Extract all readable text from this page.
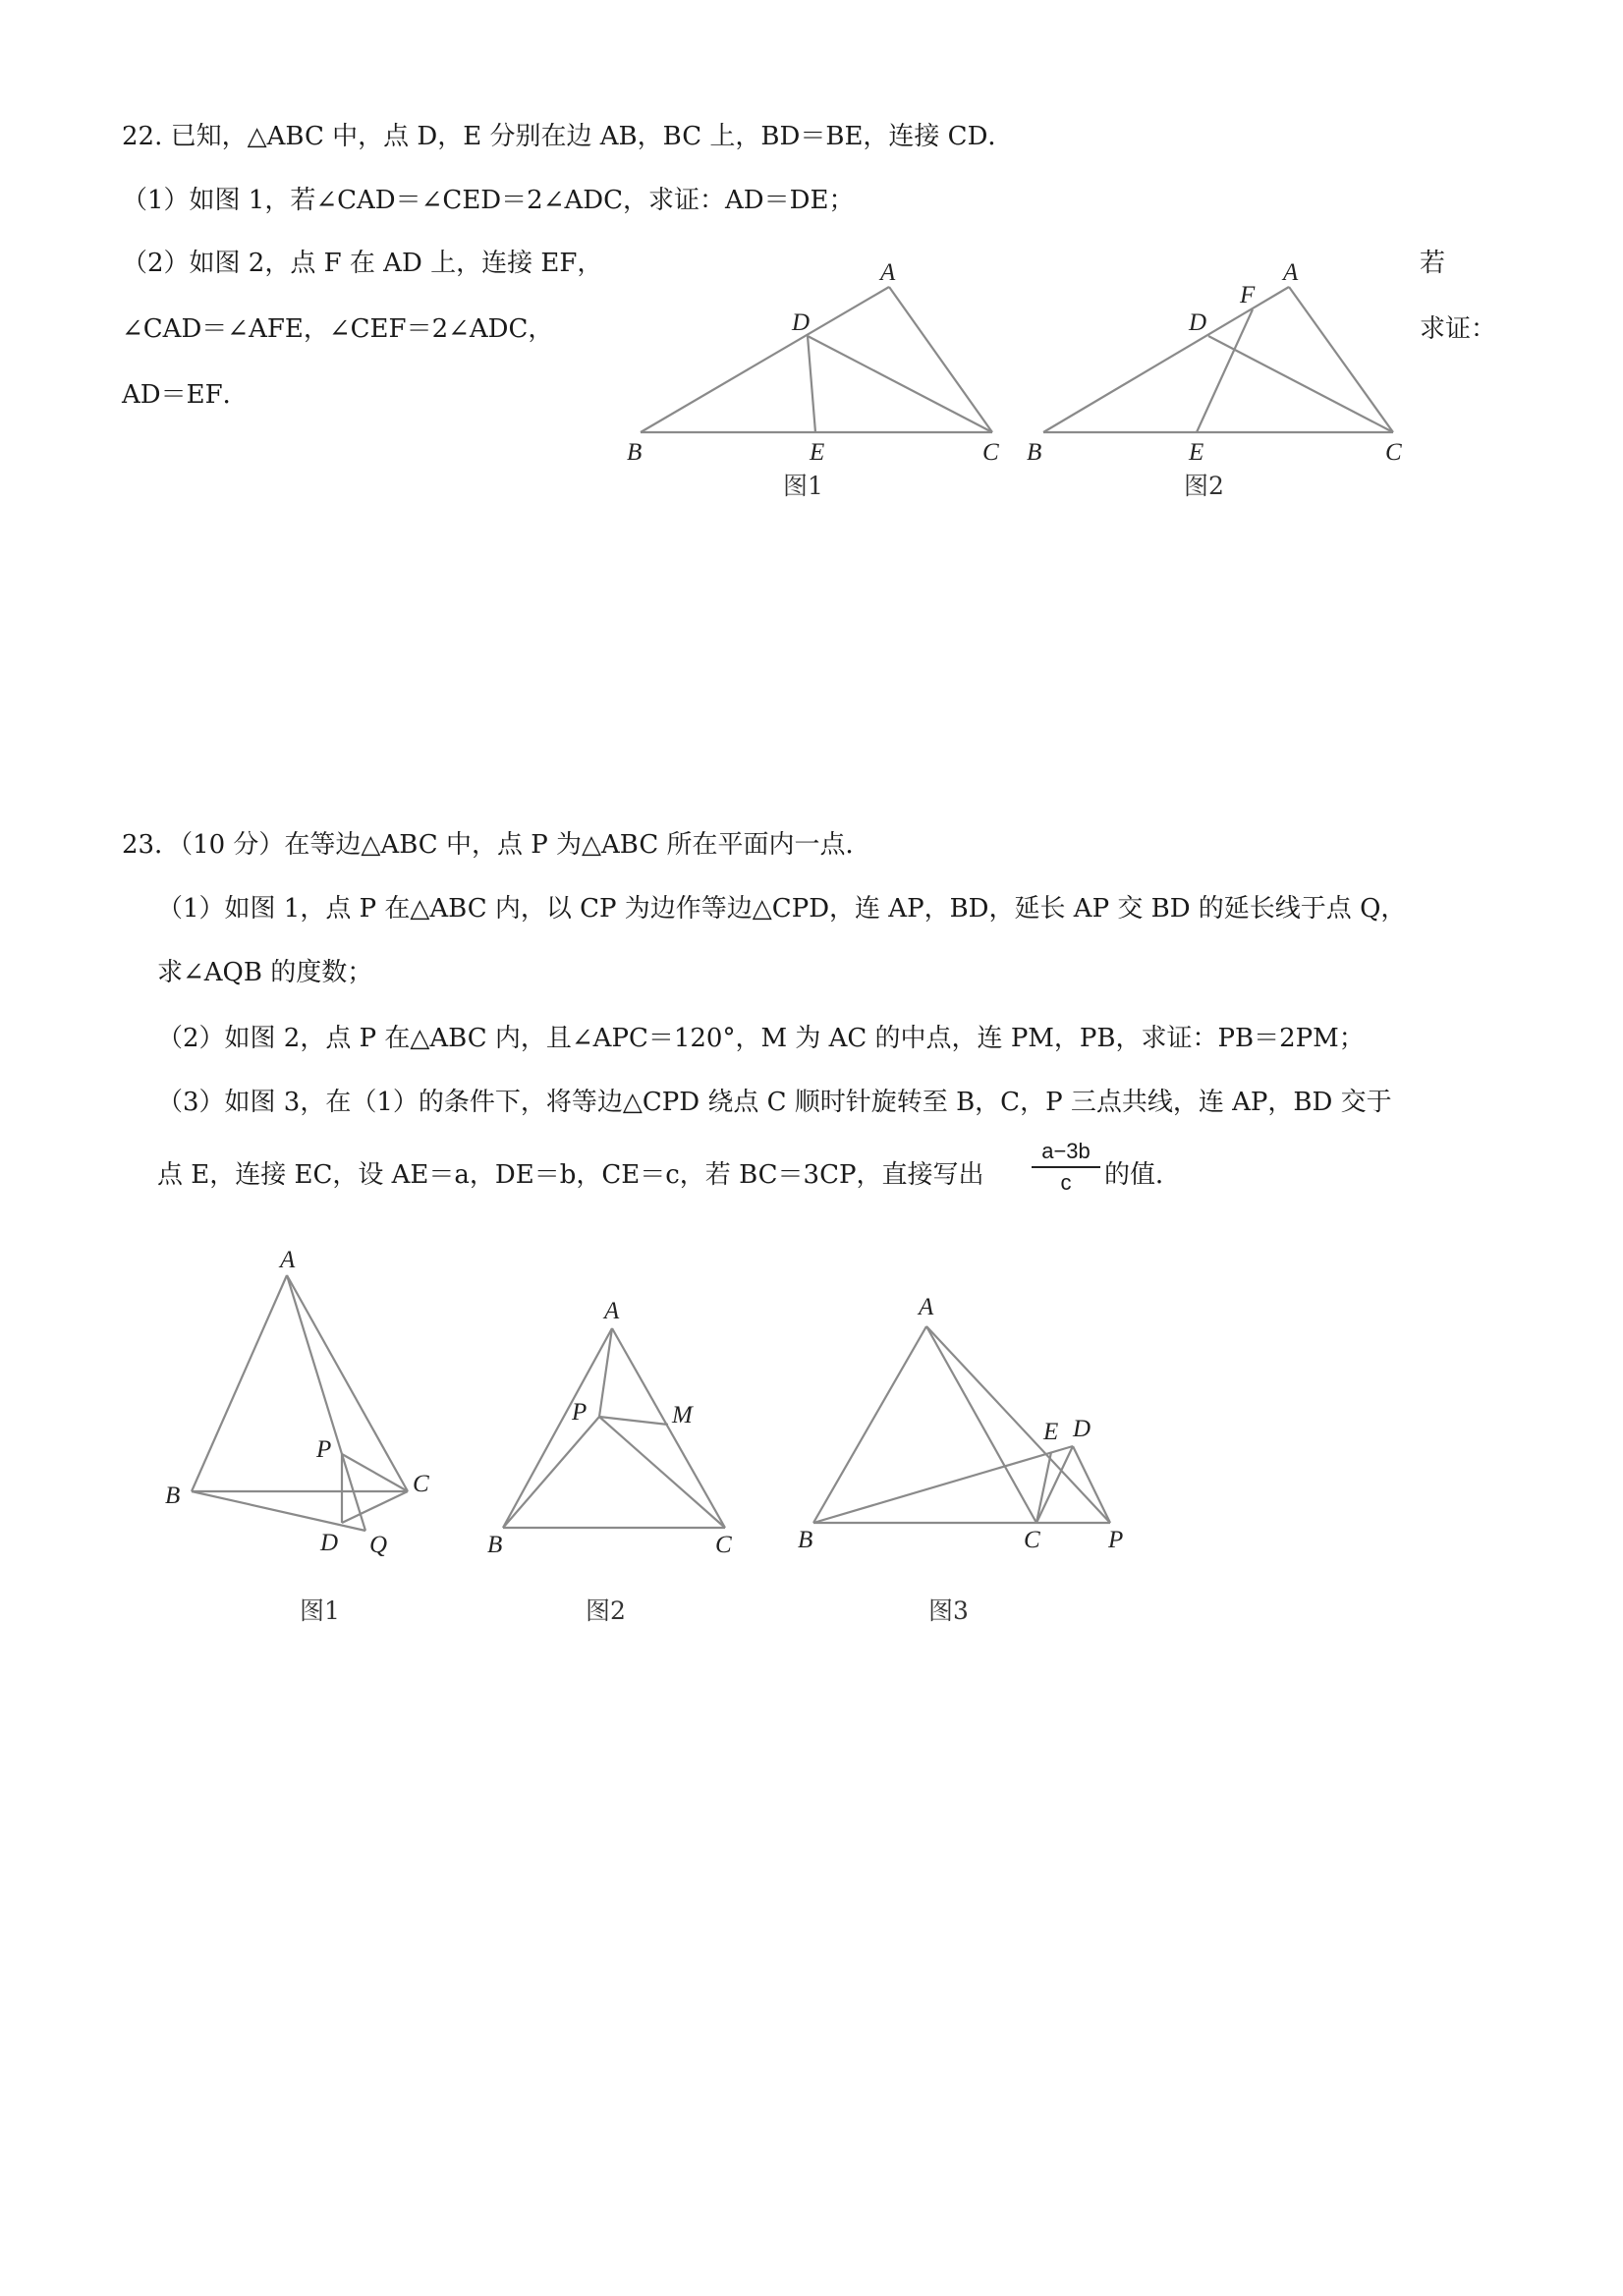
22. 已知，△ABC 中，点 D，E 分别在边 AB，BC 上，BD＝BE，连接 CD．
（1）如图 1，若∠CAD＝∠CED＝2∠ADC，求证：AD＝DE；
（2）如图 2，点 F 在 AD 上，连接 EF，
∠CAD＝∠AFE，∠CEF＝2∠ADC，
AD＝EF．
若
求证：
A
D
B	E	C
图1
A
F
D
B	E	C
图2
23．（10 分）在等边△ABC 中，点 P 为△ABC 所在平面内一点．
（1）如图 1，点 P 在△ABC 内，以 CP 为边作等边△CPD，连 AP，BD，延长 AP 交 BD 的延长线于点 Q，
求∠AQB 的度数；
（2）如图 2，点 P 在△ABC 内，且∠APC＝120°，M 为 AC 的中点，连 PM，PB，求证：PB＝2PM；
（3）如图 3，在（1）的条件下，将等边△CPD 绕点 C 顺时针旋转至 B，C，P 三点共线，连 AP，BD 交于
点 E，连接 EC，设 AE＝a，DE＝b，CE＝c，若 BC＝3CP，直接写出
a−3b
c	的值．
A
B	C
P
D Q
图1
A
P	M
B	C
图2
A
E D
B	C	P
图3
